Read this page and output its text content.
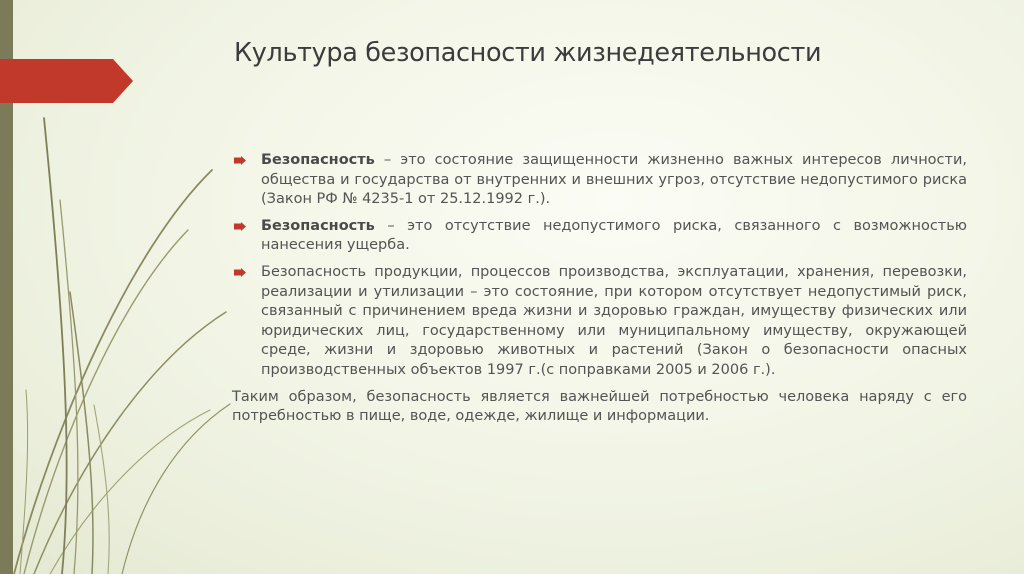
Культура безопасности жизнедеятельности
Безопасность – это состояние защищенности жизненно важных интересов личности, общества и государства от внутренних и внешних угроз, отсутствие недопустимого риска (Закон РФ № 4235-1 от 25.12.1992 г.).
Безопасность – это отсутствие недопустимого риска, связанного с возможностью нанесения ущерба.
Безопасность продукции, процессов производства, эксплуатации, хранения, перевозки, реализации и утилизации – это состояние, при котором отсутствует недопустимый риск, связанный с причинением вреда жизни и здоровью граждан, имуществу физических или юридических лиц, государственному или муниципальному имуществу, окружающей среде, жизни и здоровью животных и растений (Закон о безопасности опасных производственных объектов 1997 г.(с поправками 2005 и 2006 г.).
Таким образом, безопасность является важнейшей потребностью человека наряду с его потребностью в пище, воде, одежде, жилище и информации.
